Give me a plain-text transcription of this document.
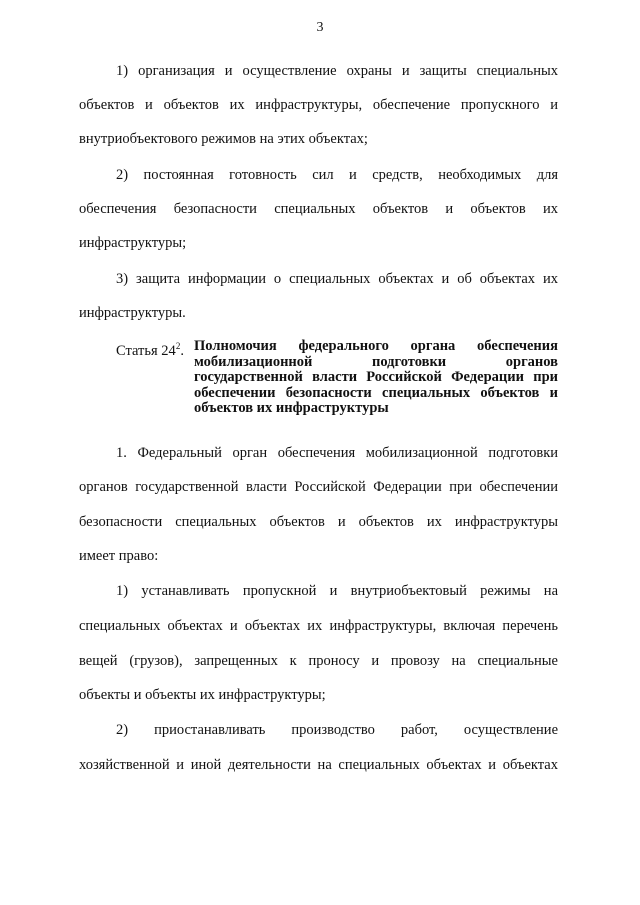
3
1) организация и осуществление охраны и защиты специальных
объектов и объектов их инфраструктуры, обеспечение пропускного и
внутриобъектового режимов на этих объектах;
2) постоянная готовность сил и средств, необходимых для
обеспечения безопасности специальных объектов и объектов их
инфраструктуры;
3) защита информации о специальных объектах и об объектах их
инфраструктуры.
Статья $24^2$. Полномочия федерального органа обеспечения
мобилизационной подготовки органов
государственной власти Российской Федерации при
обеспечении безопасности специальных объектов и
объектов их инфраструктуры
1. Федеральный орган обеспечения мобилизационной подготовки
органов государственной власти Российской Федерации при обеспечении
безопасности специальных объектов и объектов их инфраструктуры
имеет право:
1) устанавливать пропускной и внутриобъектовый режимы на
специальных объектах и объектах их инфраструктуры, включая перечень
вещей (грузов), запрещенных к проносу и провозу на специальные
объекты и объекты их инфраструктуры;
2) приостанавливать производство работ, осуществление
хозяйственной и иной деятельности на специальных объектах и объектах
